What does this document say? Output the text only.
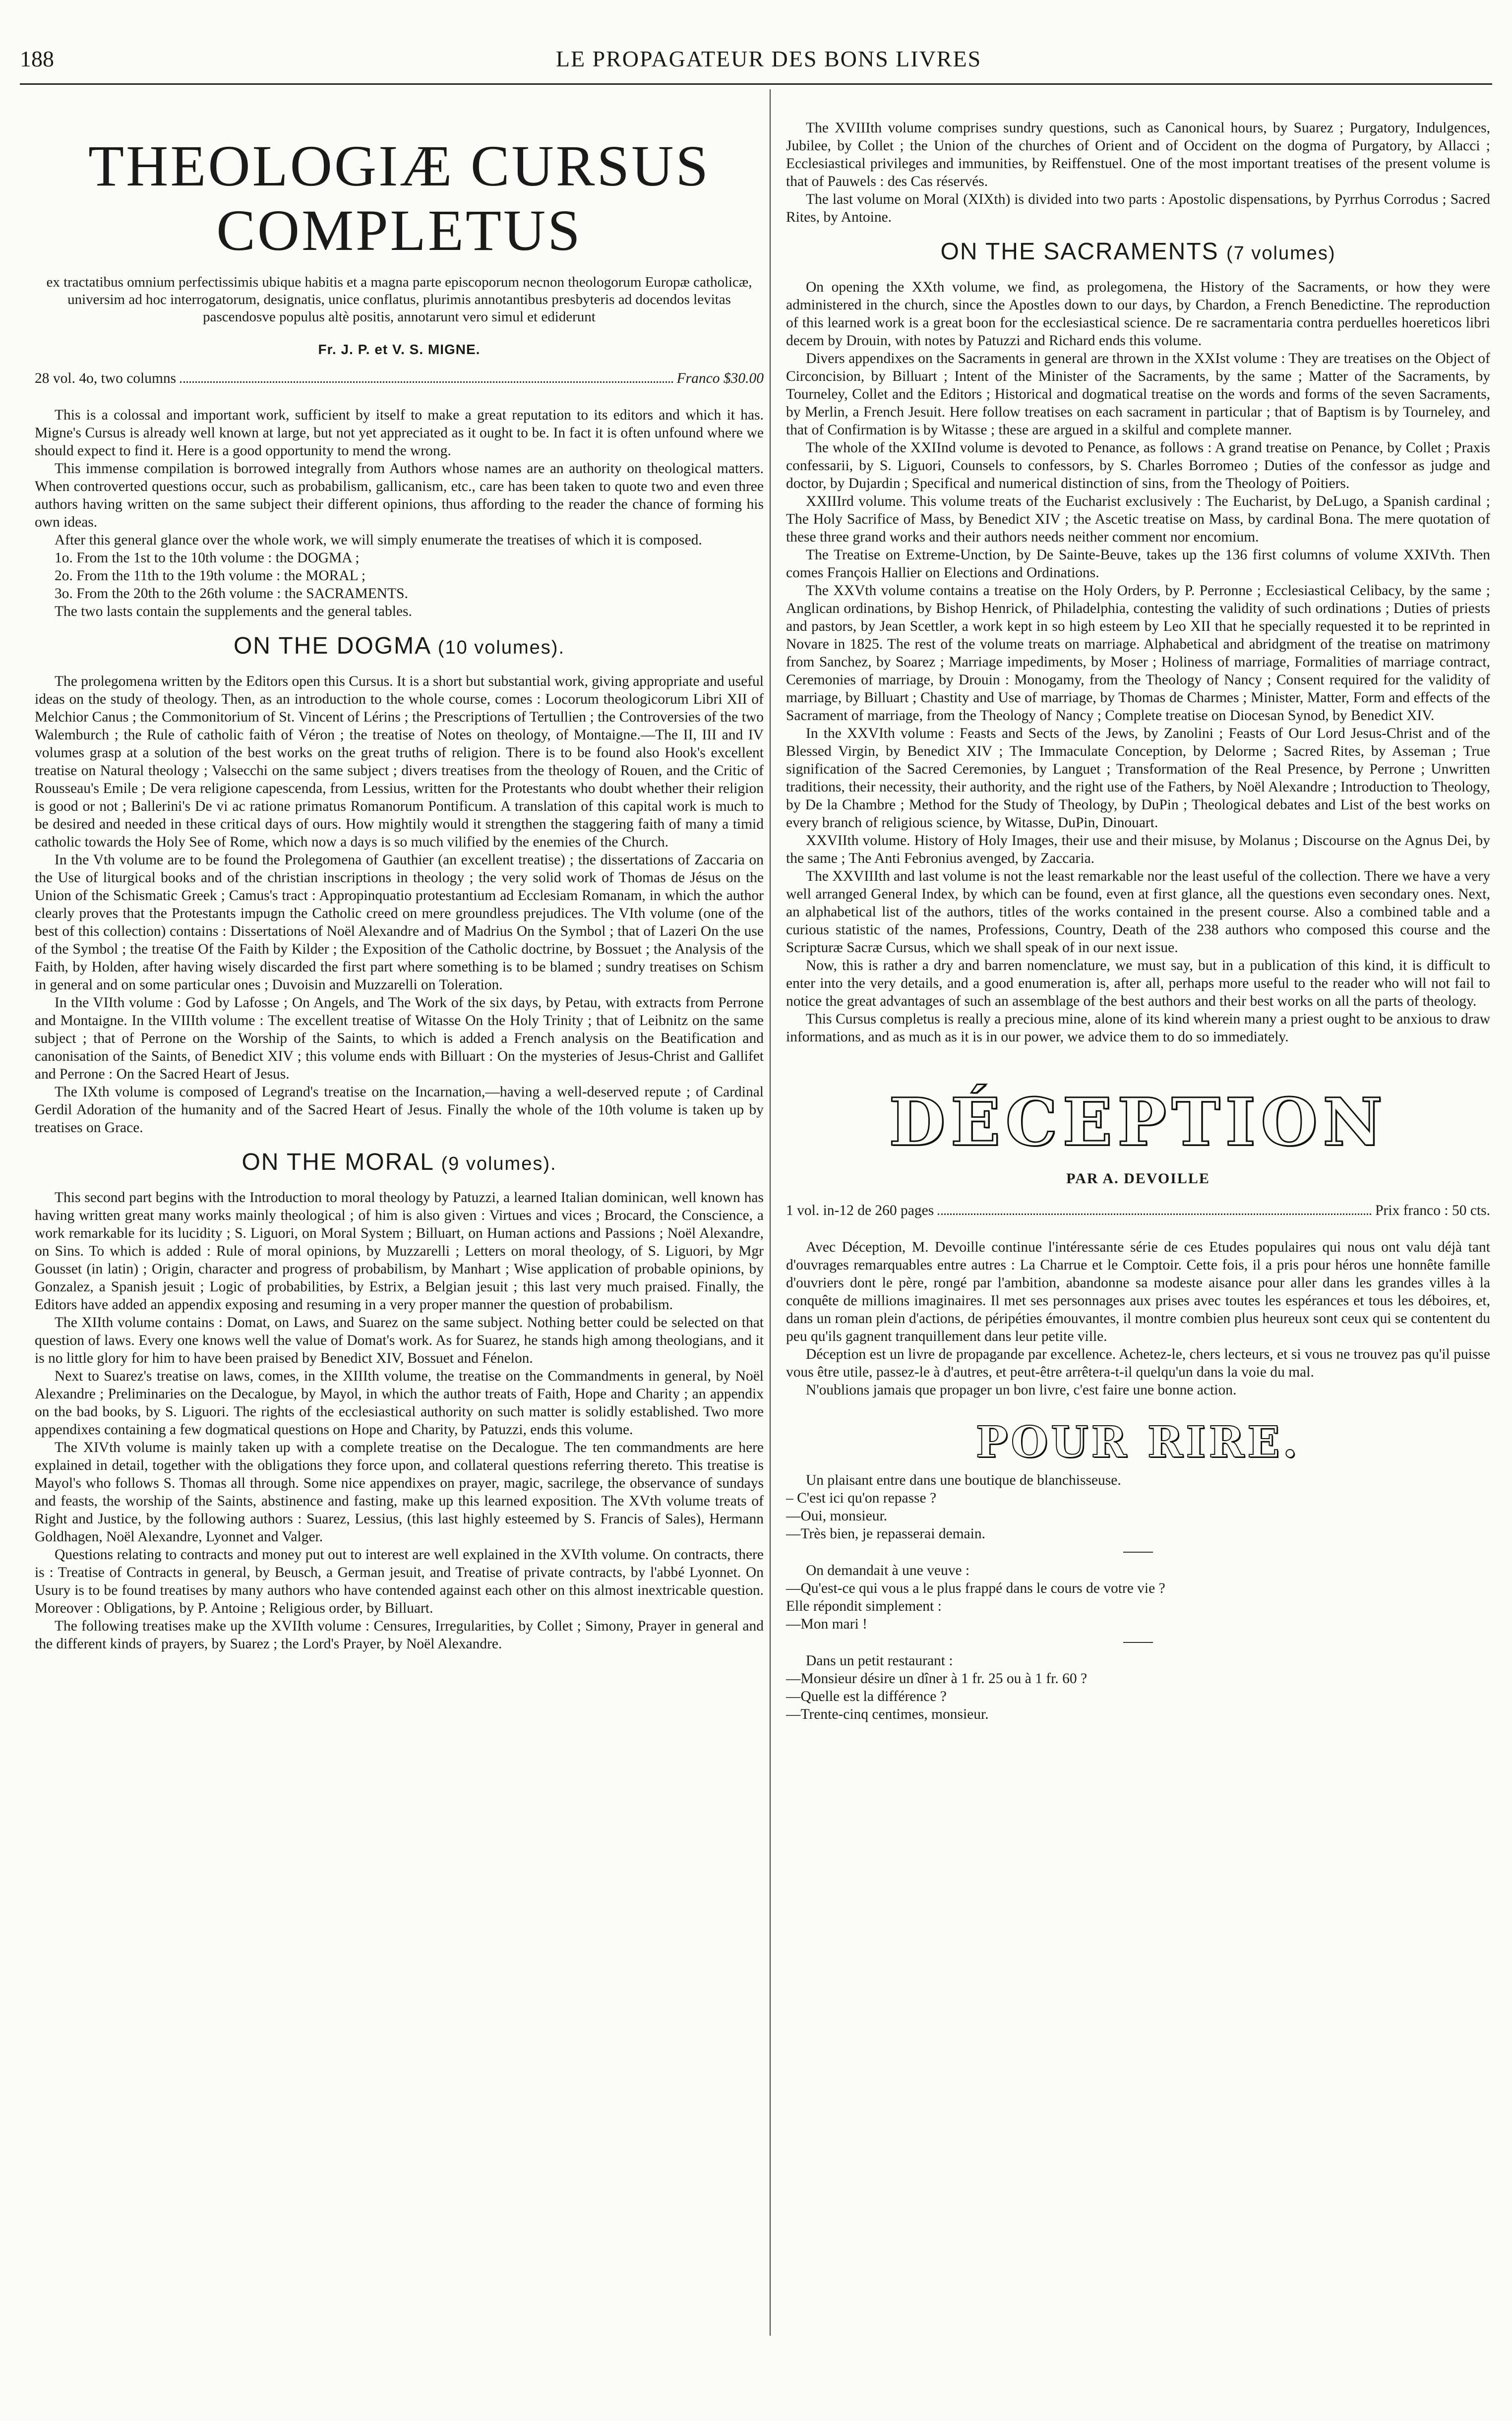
188	LE PROPAGATEUR DES BONS LIVRES
THEOLOGIÆ CURSUS COMPLETUS

ex tractatibus omnium perfectissimis ubique habitis et a magna parte episcoporum necnon theologorum Europæ catholicæ, universim ad hoc interrogatorum, designatis, unice conflatus, plurimis annotantibus presbyteris ad docendos levitas pascendosve populus altè positis, annotarunt vero simul et ediderunt

Fr. J. P. et V. S. MIGNE.
28 vol. 4o, two columns	Franco $30.00

This is a colossal and important work, sufficient by itself to make a great reputation to its editors and which it has. Migne's Cursus is already well known at large, but not yet appreciated as it ought to be. In fact it is often unfound where we should expect to find it. Here is a good opportunity to mend the wrong.

This immense compilation is borrowed integrally from Authors whose names are an authority on theological matters. When controverted questions occur, such as probabilism, gallicanism, etc., care has been taken to quote two and even three authors having written on the same subject their different opinions, thus affording to the reader the chance of forming his own ideas.

After this general glance over the whole work, we will simply enumerate the treatises of which it is composed.

1o. From the 1st to the 10th volume : the DOGMA ;

2o. From the 11th to the 19th volume : the MORAL ;

3o. From the 20th to the 26th volume : the SACRAMENTS.

The two lasts contain the supplements and the general tables.

ON THE DOGMA (10 volumes).

The prolegomena written by the Editors open this Cursus. It is a short but substantial work, giving appropriate and useful ideas on the study of theology. Then, as an introduction to the whole course, comes : Locorum theologicorum Libri XII of Melchior Canus ; the Commonitorium of St. Vincent of Lérins ; the Prescriptions of Tertullien ; the Controversies of the two Walemburch ; the Rule of catholic faith of Véron ; the treatise of Notes on theology, of Montaigne.—The II, III and IV volumes grasp at a solution of the best works on the great truths of religion. There is to be found also Hook's excellent treatise on Natural theology ; Valsecchi on the same subject ; divers treatises from the theology of Rouen, and the Critic of Rousseau's Emile ; De vera religione capescenda, from Lessius, written for the Protestants who doubt whether their religion is good or not ; Ballerini's De vi ac ratione primatus Romanorum Pontificum. A translation of this capital work is much to be desired and needed in these critical days of ours. How mightily would it strengthen the staggering faith of many a timid catholic towards the Holy See of Rome, which now a days is so much vilified by the enemies of the Church.

In the Vth volume are to be found the Prolegomena of Gauthier (an excellent treatise) ; the dissertations of Zaccaria on the Use of liturgical books and of the christian inscriptions in theology ; the very solid work of Thomas de Jésus on the Union of the Schismatic Greek ; Camus's tract : Appropinquatio protestantium ad Ecclesiam Romanam, in which the author clearly proves that the Protestants impugn the Catholic creed on mere groundless prejudices. The VIth volume (one of the best of this collection) contains : Dissertations of Noël Alexandre and of Madrius On the Symbol ; that of Lazeri On the use of the Symbol ; the treatise Of the Faith by Kilder ; the Exposition of the Catholic doctrine, by Bossuet ; the Analysis of the Faith, by Holden, after having wisely discarded the first part where something is to be blamed ; sundry treatises on Schism in general and on some particular ones ; Duvoisin and Muzzarelli on Toleration.

In the VIIth volume : God by Lafosse ; On Angels, and The Work of the six days, by Petau, with extracts from Perrone and Montaigne. In the VIIIth volume : The excellent treatise of Witasse On the Holy Trinity ; that of Leibnitz on the same subject ; that of Perrone on the Worship of the Saints, to which is added a French analysis on the Beatification and canonisation of the Saints, of Benedict XIV ; this volume ends with Billuart : On the mysteries of Jesus-Christ and Gallifet and Perrone : On the Sacred Heart of Jesus.

The IXth volume is composed of Legrand's treatise on the Incarnation,—having a well-deserved repute ; of Cardinal Gerdil Adoration of the humanity and of the Sacred Heart of Jesus. Finally the whole of the 10th volume is taken up by treatises on Grace.

ON THE MORAL (9 volumes).

This second part begins with the Introduction to moral theology by Patuzzi, a learned Italian dominican, well known has having written great many works mainly theological ; of him is also given : Virtues and vices ; Brocard, the Conscience, a work remarkable for its lucidity ; S. Liguori, on Moral System ; Billuart, on Human actions and Passions ; Noël Alexandre, on Sins. To which is added : Rule of moral opinions, by Muzzarelli ; Letters on moral theology, of S. Liguori, by Mgr Gousset (in latin) ; Origin, character and progress of probabilism, by Manhart ; Wise application of probable opinions, by Gonzalez, a Spanish jesuit ; Logic of probabilities, by Estrix, a Belgian jesuit ; this last very much praised. Finally, the Editors have added an appendix exposing and resuming in a very proper manner the question of probabilism.

The XIIth volume contains : Domat, on Laws, and Suarez on the same subject. Nothing better could be selected on that question of laws. Every one knows well the value of Domat's work. As for Suarez, he stands high among theologians, and it is no little glory for him to have been praised by Benedict XIV, Bossuet and Fénelon.

Next to Suarez's treatise on laws, comes, in the XIIIth volume, the treatise on the Commandments in general, by Noël Alexandre ; Preliminaries on the Decalogue, by Mayol, in which the author treats of Faith, Hope and Charity ; an appendix on the bad books, by S. Liguori. The rights of the ecclesiastical authority on such matter is solidly established. Two more appendixes containing a few dogmatical questions on Hope and Charity, by Patuzzi, ends this volume.

The XIVth volume is mainly taken up with a complete treatise on the Decalogue. The ten commandments are here explained in detail, together with the obligations they force upon, and collateral questions referring thereto. This treatise is Mayol's who follows S. Thomas all through. Some nice appendixes on prayer, magic, sacrilege, the observance of sundays and feasts, the worship of the Saints, abstinence and fasting, make up this learned exposition. The XVth volume treats of Right and Justice, by the following authors : Suarez, Lessius, (this last highly esteemed by S. Francis of Sales), Hermann Goldhagen, Noël Alexandre, Lyonnet and Valger.

Questions relating to contracts and money put out to interest are well explained in the XVIth volume. On contracts, there is : Treatise of Contracts in general, by Beusch, a German jesuit, and Treatise of private contracts, by l'abbé Lyonnet. On Usury is to be found treatises by many authors who have contended against each other on this almost inextricable question. Moreover : Obligations, by P. Antoine ; Religious order, by Billuart.

The following treatises make up the XVIIth volume : Censures, Irregularities, by Collet ; Simony, Prayer in general and the different kinds of prayers, by Suarez ; the Lord's Prayer, by Noël Alexandre.

The XVIIIth volume comprises sundry questions, such as Canonical hours, by Suarez ; Purgatory, Indulgences, Jubilee, by Collet ; the Union of the churches of Orient and of Occident on the dogma of Purgatory, by Allacci ; Ecclesiastical privileges and immunities, by Reiffenstuel. One of the most important treatises of the present volume is that of Pauwels : des Cas réservés.

The last volume on Moral (XIXth) is divided into two parts : Apostolic dispensations, by Pyrrhus Corrodus ; Sacred Rites, by Antoine.

ON THE SACRAMENTS (7 volumes)

On opening the XXth volume, we find, as prolegomena, the History of the Sacraments, or how they were administered in the church, since the Apostles down to our days, by Chardon, a French Benedictine. The reproduction of this learned work is a great boon for the ecclesiastical science. De re sacramentaria contra perduelles hoereticos libri decem by Drouin, with notes by Patuzzi and Richard ends this volume.

Divers appendixes on the Sacraments in general are thrown in the XXIst volume : They are treatises on the Object of Circoncision, by Billuart ; Intent of the Minister of the Sacraments, by the same ; Matter of the Sacraments, by Tourneley, Collet and the Editors ; Historical and dogmatical treatise on the words and forms of the seven Sacraments, by Merlin, a French Jesuit. Here follow treatises on each sacrament in particular ; that of Baptism is by Tourneley, and that of Confirmation is by Witasse ; these are argued in a skilful and complete manner.

The whole of the XXIInd volume is devoted to Penance, as follows : A grand treatise on Penance, by Collet ; Praxis confessarii, by S. Liguori, Counsels to confessors, by S. Charles Borromeo ; Duties of the confessor as judge and doctor, by Dujardin ; Specifical and numerical distinction of sins, from the Theology of Poitiers.

XXIIIrd volume. This volume treats of the Eucharist exclusively : The Eucharist, by DeLugo, a Spanish cardinal ; The Holy Sacrifice of Mass, by Benedict XIV ; the Ascetic treatise on Mass, by cardinal Bona. The mere quotation of these three grand works and their authors needs neither comment nor encomium.

The Treatise on Extreme-Unction, by De Sainte-Beuve, takes up the 136 first columns of volume XXIVth. Then comes François Hallier on Elections and Ordinations.

The XXVth volume contains a treatise on the Holy Orders, by P. Perronne ; Ecclesiastical Celibacy, by the same ; Anglican ordinations, by Bishop Henrick, of Philadelphia, contesting the validity of such ordinations ; Duties of priests and pastors, by Jean Scettler, a work kept in so high esteem by Leo XII that he specially requested it to be reprinted in Novare in 1825. The rest of the volume treats on marriage. Alphabetical and abridgment of the treatise on matrimony from Sanchez, by Soarez ; Marriage impediments, by Moser ; Holiness of marriage, Formalities of marriage contract, Ceremonies of marriage, by Drouin : Monogamy, from the Theology of Nancy ; Consent required for the validity of marriage, by Billuart ; Chastity and Use of marriage, by Thomas de Charmes ; Minister, Matter, Form and effects of the Sacrament of marriage, from the Theology of Nancy ; Complete treatise on Diocesan Synod, by Benedict XIV.

In the XXVIth volume : Feasts and Sects of the Jews, by Zanolini ; Feasts of Our Lord Jesus-Christ and of the Blessed Virgin, by Benedict XIV ; The Immaculate Conception, by Delorme ; Sacred Rites, by Asseman ; True signification of the Sacred Ceremonies, by Languet ; Transformation of the Real Presence, by Perrone ; Unwritten traditions, their necessity, their authority, and the right use of the Fathers, by Noël Alexandre ; Introduction to Theology, by De la Chambre ; Method for the Study of Theology, by DuPin ; Theological debates and List of the best works on every branch of religious science, by Witasse, DuPin, Dinouart.

XXVIIth volume. History of Holy Images, their use and their misuse, by Molanus ; Discourse on the Agnus Dei, by the same ; The Anti Febronius avenged, by Zaccaria.

The XXVIIIth and last volume is not the least remarkable nor the least useful of the collection. There we have a very well arranged General Index, by which can be found, even at first glance, all the questions even secondary ones. Next, an alphabetical list of the authors, titles of the works contained in the present course. Also a combined table and a curious statistic of the names, Professions, Country, Death of the 238 authors who composed this course and the Scripturæ Sacræ Cursus, which we shall speak of in our next issue.

Now, this is rather a dry and barren nomenclature, we must say, but in a publication of this kind, it is difficult to enter into the very details, and a good enumeration is, after all, perhaps more useful to the reader who will not fail to notice the great advantages of such an assemblage of the best authors and their best works on all the parts of theology.

This Cursus completus is really a precious mine, alone of its kind wherein many a priest ought to be anxious to draw informations, and as much as it is in our power, we advice them to do so immediately.

DÉCEPTION
PAR A. DEVOILLE
1 vol. in-12 de 260 pages	Prix franco : 50 cts.

Avec Déception, M. Devoille continue l'intéressante série de ces Etudes populaires qui nous ont valu déjà tant d'ouvrages remarquables entre autres : La Charrue et le Comptoir. Cette fois, il a pris pour héros une honnête famille d'ouvriers dont le père, rongé par l'ambition, abandonne sa modeste aisance pour aller dans les grandes villes à la conquête de millions imaginaires. Il met ses personnages aux prises avec toutes les espérances et tous les déboires, et, dans un roman plein d'actions, de péripéties émouvantes, il montre combien plus heureux sont ceux qui se contentent du peu qu'ils gagnent tranquillement dans leur petite ville.

Déception est un livre de propagande par excellence. Achetez-le, chers lecteurs, et si vous ne trouvez pas qu'il puisse vous être utile, passez-le à d'autres, et peut-être arrêtera-t-il quelqu'un dans la voie du mal.

N'oublions jamais que propager un bon livre, c'est faire une bonne action.

POUR RIRE.

Un plaisant entre dans une boutique de blanchisseuse.

– C'est ici qu'on repasse ?

—Oui, monsieur.

—Très bien, je repasserai demain.

On demandait à une veuve :

—Qu'est-ce qui vous a le plus frappé dans le cours de votre vie ?

Elle répondit simplement :

—Mon mari !

Dans un petit restaurant :

—Monsieur désire un dîner à 1 fr. 25 ou à 1 fr. 60 ?

—Quelle est la différence ?

—Trente-cinq centimes, monsieur.
